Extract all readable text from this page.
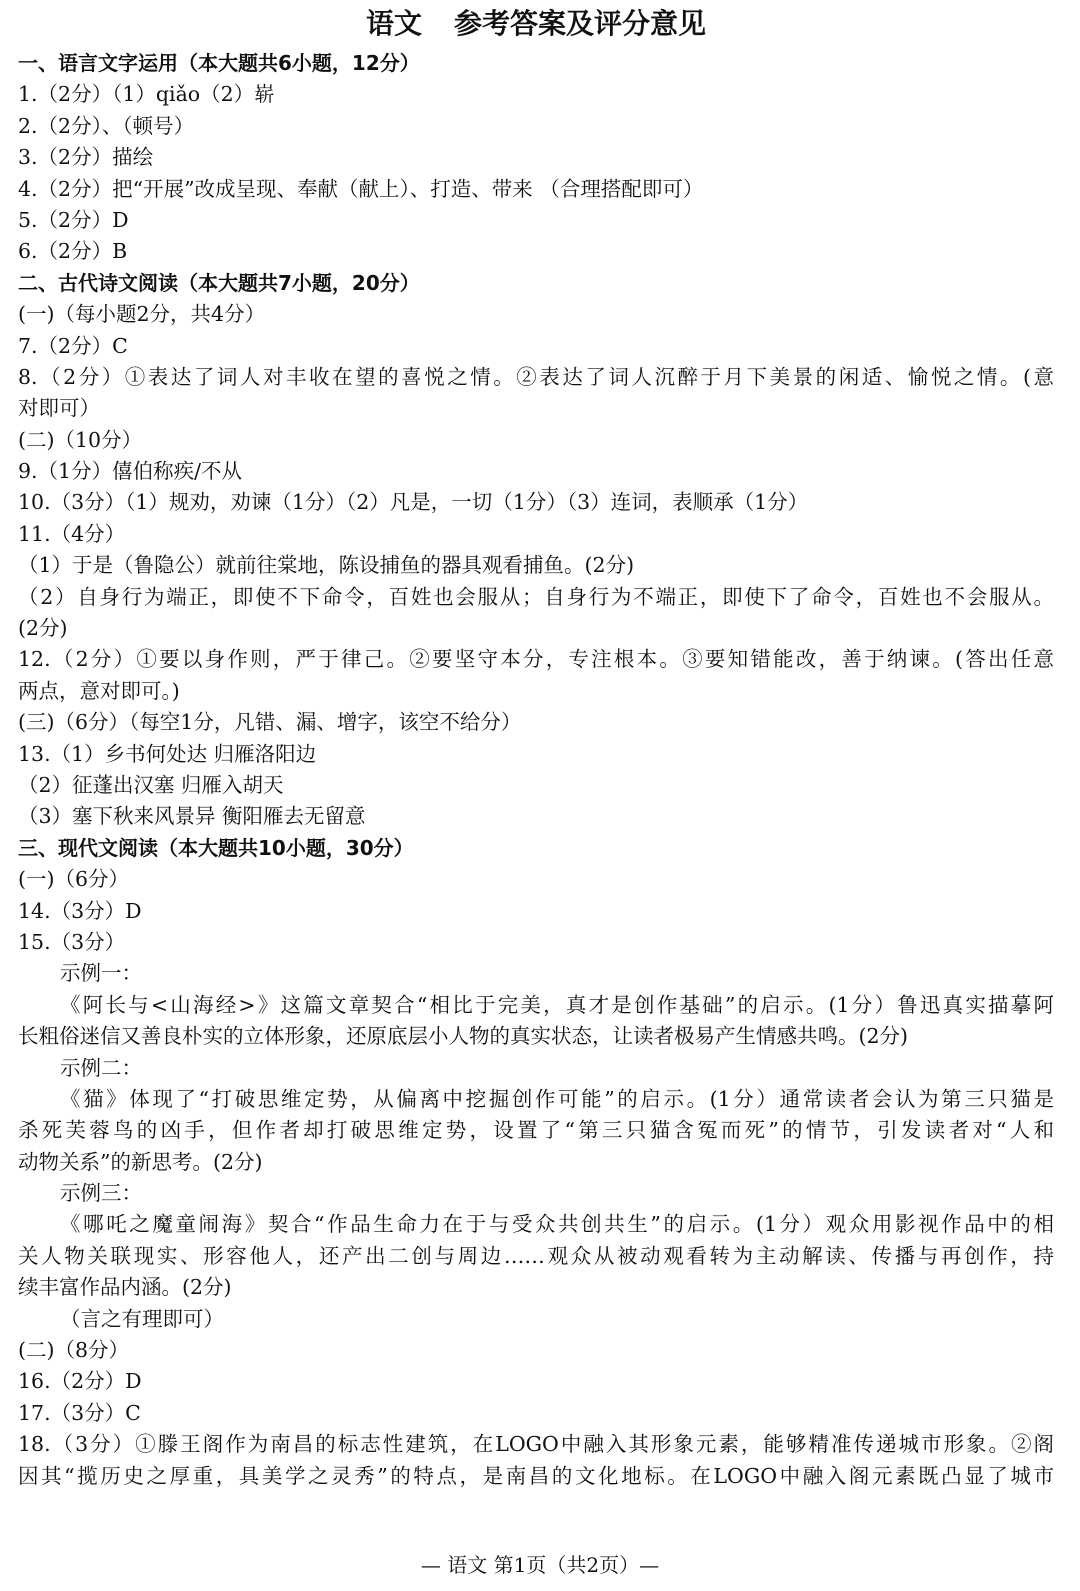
语文 参考答案及评分意见
一、语言文字运用（本大题共6小题，12分）
1.（2分）（1）qiǎo（2）崭
2.（2分）、（顿号）
3.（2分）描绘
4.（2分）把“开展”改成呈现、奉献（献上）、打造、带来 （合理搭配即可）
5.（2分）D
6.（2分）B
二、古代诗文阅读（本大题共7小题，20分）
(一)（每小题2分，共4分）
7.（2分）C
8.（2分）①表达了词人对丰收在望的喜悦之情。②表达了词人沉醉于月下美景的闲适、愉悦之情。(意
对即可）
(二)（10分）
9.（1分）僖伯称疾/不从
10.（3分）（1）规劝，劝谏（1分）（2）凡是，一切（1分）（3）连词，表顺承（1分）
11.（4分）
（1）于是（鲁隐公）就前往棠地，陈设捕鱼的器具观看捕鱼。(2分)
（2）自身行为端正，即使不下命令，百姓也会服从；自身行为不端正，即使下了命令，百姓也不会服从。
(2分)
12.（2分）①要以身作则，严于律己。②要坚守本分，专注根本。③要知错能改，善于纳谏。(答出任意
两点，意对即可。)
(三)（6分）（每空1分，凡错、漏、增字，该空不给分）
13.（1）乡书何处达 归雁洛阳边
（2）征蓬出汉塞 归雁入胡天
（3）塞下秋来风景异 衡阳雁去无留意
三、现代文阅读（本大题共10小题，30分）
(一)（6分）
14.（3分）D
15.（3分）
示例一：
《阿长与<山海经>》这篇文章契合“相比于完美，真才是创作基础”的启示。(1分）鲁迅真实描摹阿
长粗俗迷信又善良朴实的立体形象，还原底层小人物的真实状态，让读者极易产生情感共鸣。(2分)
示例二：
《猫》体现了“打破思维定势，从偏离中挖掘创作可能”的启示。(1分）通常读者会认为第三只猫是
杀死芙蓉鸟的凶手，但作者却打破思维定势，设置了“第三只猫含冤而死”的情节，引发读者对“人和
动物关系”的新思考。(2分)
示例三：
《哪吒之魔童闹海》契合“作品生命力在于与受众共创共生”的启示。(1分）观众用影视作品中的相
关人物关联现实、形容他人，还产出二创与周边……观众从被动观看转为主动解读、传播与再创作，持
续丰富作品内涵。(2分)
（言之有理即可）
(二)（8分）
16.（2分）D
17.（3分）C
18.（3分）①滕王阁作为南昌的标志性建筑，在LOGO中融入其形象元素，能够精准传递城市形象。②阁
因其“揽历史之厚重，具美学之灵秀”的特点，是南昌的文化地标。在LOGO中融入阁元素既凸显了城市
— 语文 第1页（共2页）—
